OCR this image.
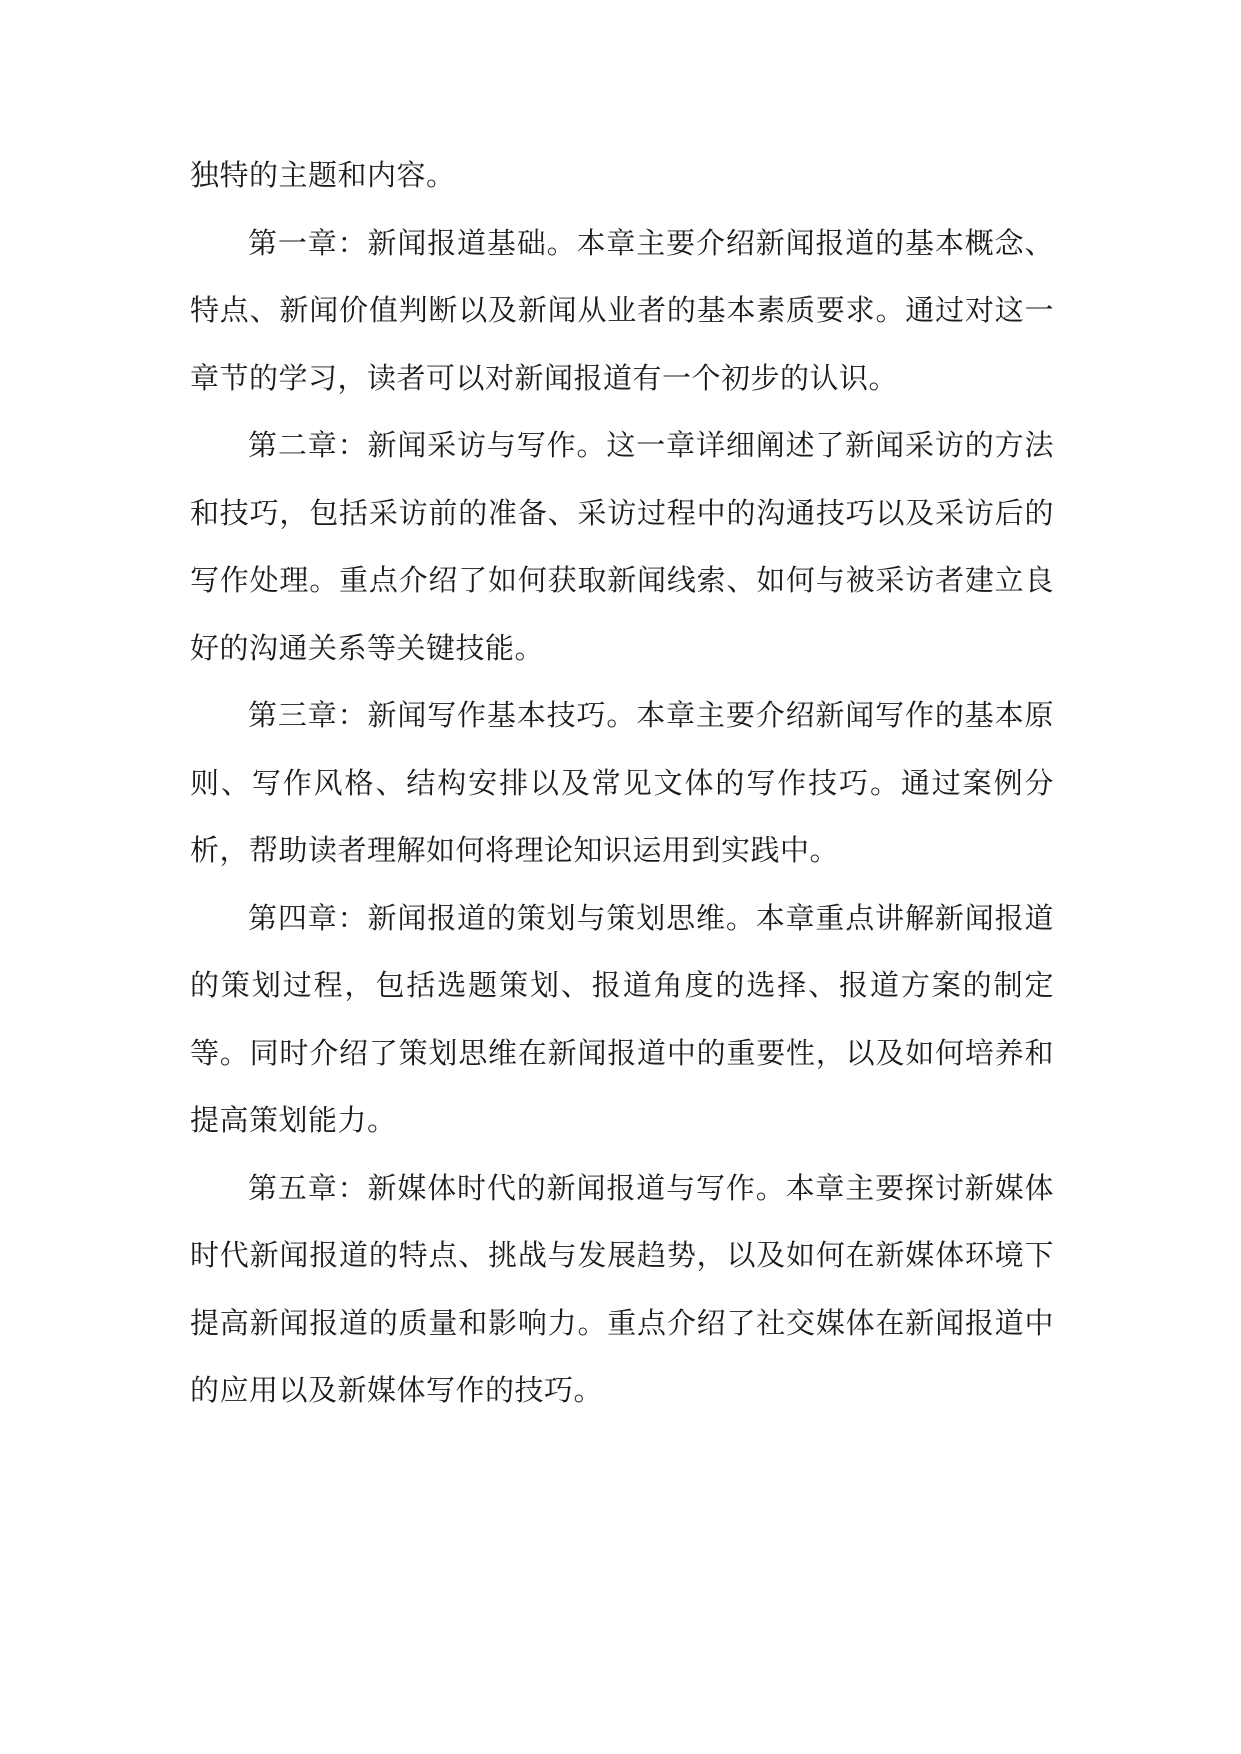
独特的主题和内容。

第一章：新闻报道基础。本章主要介绍新闻报道的基本概念、特点、新闻价值判断以及新闻从业者的基本素质要求。通过对这一章节的学习，读者可以对新闻报道有一个初步的认识。

第二章：新闻采访与写作。这一章详细阐述了新闻采访的方法和技巧，包括采访前的准备、采访过程中的沟通技巧以及采访后的写作处理。重点介绍了如何获取新闻线索、如何与被采访者建立良好的沟通关系等关键技能。

第三章：新闻写作基本技巧。本章主要介绍新闻写作的基本原则、写作风格、结构安排以及常见文体的写作技巧。通过案例分析，帮助读者理解如何将理论知识运用到实践中。

第四章：新闻报道的策划与策划思维。本章重点讲解新闻报道的策划过程，包括选题策划、报道角度的选择、报道方案的制定等。同时介绍了策划思维在新闻报道中的重要性，以及如何培养和提高策划能力。

第五章：新媒体时代的新闻报道与写作。本章主要探讨新媒体时代新闻报道的特点、挑战与发展趋势，以及如何在新媒体环境下提高新闻报道的质量和影响力。重点介绍了社交媒体在新闻报道中的应用以及新媒体写作的技巧。
